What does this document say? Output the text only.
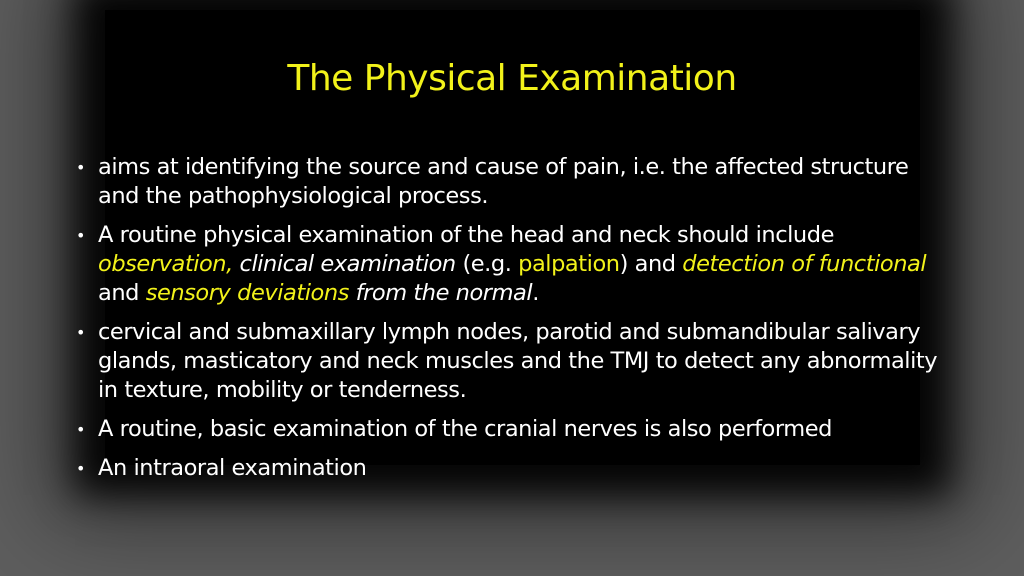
The Physical Examination
• aims at identifying the source and cause of pain, i.e. the affected structure and the pathophysiological process.
• A routine physical examination of the head and neck should include observation, clinical examination (e.g. palpation) and detection of functional and sensory deviations from the normal.
• cervical and submaxillary lymph nodes, parotid and submandibular salivary glands, masticatory and neck muscles and the TMJ to detect any abnormality in texture, mobility or tenderness.
• A routine, basic examination of the cranial nerves is also performed
• An intraoral examination
